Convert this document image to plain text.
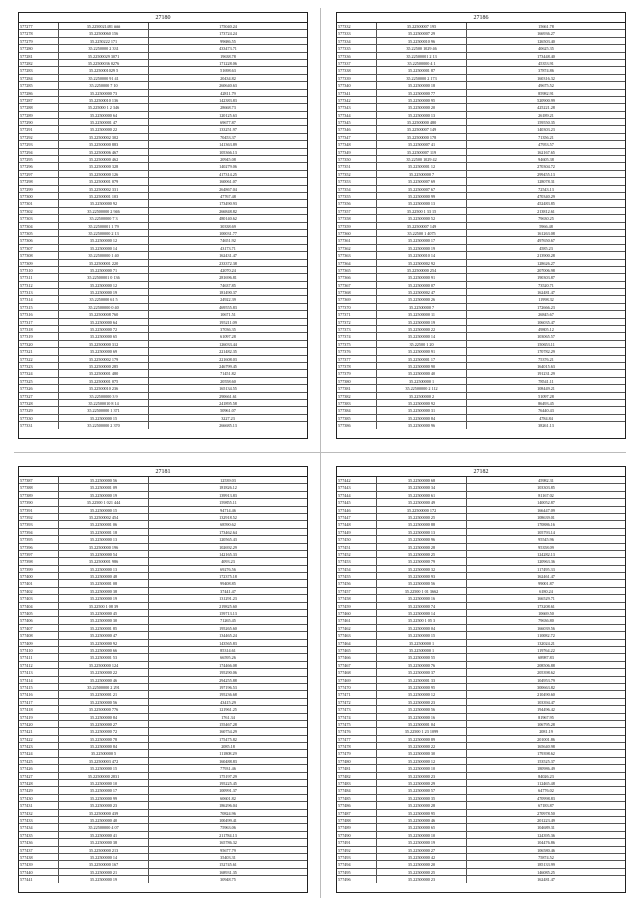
27180
577277	35.2250021481 ###	175040.24
577278	35.22500060 156	173724.24
577279	35.2250222 171	99686.55
577280	35.2250000 2 331	433473.71
577281	35.22500029 3071	19638.78
577282	35.22500036 0276	171228.06
577283	35.2250001029 5	51698.63
577284	35.2250000 91 41	20434.82
577285	35.2250000 7 10	260640.63
577286	35.22500000 73	42811.79
577287	35.22500010 136	142383.83
577288	35.225000 1 2 346	28668.73
577289	35.22500000 64	120125.63
577290	35.22500001 47	69677.87
577291	35.22500000 22	133251.97
577292	35.22500002 302	70453.37
577293	35.22500000 883	141363.89
577294	35.22500006 467	105366.13
577295	35.22500000 462	20945.08
577296	35.22500000 328	140279.06
577297	35.22500000 126	417314.25
577298	35.22500001 079	160061.07
577299	35.22500002 331	264867.04
577300	35.22500001 103	47767.48
577301	35.22500000 92	173490.93
577302	35.22500000 2 946	266848.82
577303	35.22500000 7 3	480140.62
577304	35.22500001 1 79	30338.69
577305	35.22500000 2 13	100031.77
577306	35.22500000 12	74651.92
577307	35.22500000 14	43173.71
577308	35.22500000 1 40	162431.47
577309	35.22500001 220	233372.38
577310	35.22500000 71	42070.24
577311	35.22500001 0 136	281696.81
577312	35.22500000 12	74637.85
577313	35.22500000 19	181490.37
577314	35.2250000 61 5	24922.39
577315	35.22500000 0 40	469555.83
577316	35.22500008 760	10671.51
577317	35.22500000 64	195211.09
577318	35.22500000 72	37036.35
577319	35.22500000 65	61097.28
577320	35.22500000 312	126033.44
577321	35.22500000 69	221482.35
577322	35.22500002 179	221608.03
577323	35.22500000 285	246799.45
577324	35.22500001 480	71451.82
577325	35.22500001 075	20558.60
577326	35.22500010 236	165134.55
577327	35.22500000 3 9	290661.61
577328	35.22500010 8 14	241895.58
577329	35.22500000 1 371	50961.07
577330	35.22500000 15	3227.23
577331	35.22500000 2 370	266685.13
27186
577332	35.22500007 195	15661.78
577333	35.22500007 29	166936.27
577334	35.22500010 96	126503.40
577335	35.22500 1029 46	40625.35
577336	35.22500001 2 13	173448.40
577337	35.22500000 4 1	45353.91
577338	35.22500001 87	37874.86
577339	35.2250000 2 173	160316.32
577340	35.22500000 18	49675.52
577341	35.22500000 77	85982.91
577342	35.22500000 95	520900.99
577343	35.22500000 20	425221.28
577344	35.22500000 13	26189.21
577345	35.22500000 480	159550.35
577346	35.22500007 149	140303.23
577347	35.22500000 178	71356.21
577348	35.22500007 41	47953.57
577349	35.22500007 119	162167.65
577350	35.22500 1029 42	94605.38
577351	35.22500001 12	270304.72
577352	35.22500000 7	299455.13
577353	35.22500007 69	128078.31
577354	35.22500007 67	72543.13
577355	35.22500000 99	470340.29
577356	35.22500000 13	452483.85
577357	35.22500 1 33 15	213812.61
577358	35.22500000 52	79630.25
577359	35.22500007 149	5966.48
577360	35.22500 1 4075	161263.08
577361	35.22500000 17	497650.67
577362	35.22500000 19	4585.23
577363	35.22500010 14	213900.28
577364	35.22500002 92	128626.27
577365	35.22500000 254	207006.98
577366	35.22500000 91	190303.87
577367	35.22500000 07	73520.71
577368	35.22500002 47	162481.47
577369	35.22500000 26	11998.32
577370	35.22500000 7	172666.23
577371	35.22500000 11	26845.67
577372	35.22500000 19	106035.47
577373	35.22500000 22	49805.12
577374	35.22500000 14	103065.57
577375	35.22500 1 20	150653.11
577376	35.22500000 91	170782.29
577377	35.22500001 17	75376.21
577378	35.22500000 90	164015.63
577379	35.22500000 40	191231.29
577380	35.22500000 1	78541.11
577381	35.22500000 2 112	108449.21
577382	35.22500000 2	51097.28
577383	35.22500000 92	86493.45
577384	35.22500000 31	76440.43
577385	35.22500000 84	4784.84
577386	35.22500000 96	38261.13
27181
577387	35.22500000 56	12539.03
577388	35.22500001 09	181826.12
577389	35.22500000 19	139913.83
577390	35.22500 1 021 444	159855.11
577391	35.22500000 15	94714.46
577392	35.22500002 454	132918.52
577393	35.22500001 06	68590.62
577394	35.22500001 18	173462.64
577395	35.22500000 13	120565.43
577396	35.22500000 196	102692.29
577397	35.22500000 54	142165.33
577398	35.22500001 986	4093.23
577399	35.22500000 13	69276.56
577400	35.22500000 48	172375.18
577401	35.22500001 08	99408.85
577402	35.22500000 38	37441.47
577403	35.22500000 19	131291.23
577404	35.22500 1 08 39	219825.60
577405	35.22500000 45	159713.13
577406	35.22500000 30	71265.45
577407	35.22500001 85	195265.60
577408	35.22500000 47	134465.24
577409	35.22500000 92	143565.83
577410	35.22500000 66	85314.61
577411	35.22500001 53	66595.26
577412	35.22500000 124	174466.08
577413	35.22500000 22	195290.06
577414	35.22500000 46	294255.88
577415	35.22500000 2 291	197196.53
577416	35.22500001 21	195236.68
577417	35.22500000 56	43415.29
577418	35.22500000 776	121961.25
577419	35.22500000 84	1761.34
577420	35.22500000 27	155467.28
577421	35.22500000 72	160754.29
577422	35.22500000 78	175475.82
577423	35.22500000 84	2085.18
577424	35.22500000 5	111808.29
577425	35.22500003 472	160488.83
577426	35.22500000 15	77931.46
577427	35.22500000 2831	175197.29
577428	35.22500000 10	195225.45
577429	35.22500000 17	100991.37
577430	35.22500000 99	60601.82
577431	35.22500000 23	186296.04
577432	35.22500000 439	70824.96
577433	35.22500000 40	100499.41
577434	35.22500000 4 07	75963.06
577435	35.22500000 41	211784.13
577436	35.22500000 38	165786.32
577437	35.22500000 213	95677.79
577438	35.22500000 14	35403.31
577439	35.22500000 167	152745.61
577440	35.22500000 21	168931.35
577441	35.22500000 19	30948.75
27182
577442	35.22500000 68	45982.31
577443	35.22500000 34	103303.85
577444	35.22500000 61	81167.02
577445	35.22500000 49	140052.87
577446	35.22500000 172	166447.09
577447	35.22500000 25	108639.01
577448	35.22500000 88	170886.16
577449	35.22500000 13	105793.14
577450	35.22500000 96	95545.96
577451	35.22500000 28	95358.09
577452	35.22500000 25	124282.13
577453	35.22500000 79	120963.36
577454	35.22500000 32	117495.33
577455	35.22500000 93	162461.47
577456	35.22500000 56	99001.87
577457	35.22500 1 01 3662	6180.24
577458	35.22500000 16	166529.71
577459	35.22500000 74	173208.61
577460	35.22500000 14	10669.50
577461	35.22500 1 05 3	79636.80
577462	35.22500000 04	166039.56
577463	35.22500000 15	110082.72
577464	35.22500000 1	132024.21
577465	35.22500000 1	119764.22
577466	35.22500000 55	68987.83
577467	35.22500000 76	208506.88
577468	35.22500000 37	205398.62
577469	35.22500001 33	104953.79
577470	35.22500000 95	300663.82
577471	35.22500000 12	210490.60
577472	35.22500000 23	103394.47
577473	35.22500000 56	194496.42
577474	35.22500000 16	81967.95
577475	35.22500001 04	106795.28
577476	35.22500 1 23 1099	2081.19
577477	35.22500000 89	201001.86
577478	35.22500000 22	165640.98
577479	35.22500000 30	179398.62
577480	35.22500000 12	153525.37
577481	35.22500000 10	180986.49
577482	35.22500000 23	84026.23
577483	35.22500000 29	112465.48
577484	35.22500000 57	64776.02
577485	35.22500000 35	470998.83
577486	35.22500000 28	67183.87
577487	35.22500000 95	270978.50
577488	35.22500000 46	201223.49
577489	35.22500000 65	104689.31
577490	35.22500000 10	124395.36
577491	35.22500000 19	104476.86
577492	35.22500000 27	106580.46
577493	35.22500000 42	75874.52
577494	35.22500000 20	185133.99
577495	35.22500000 25	146085.25
577496	35.22500000 23	162481.47
